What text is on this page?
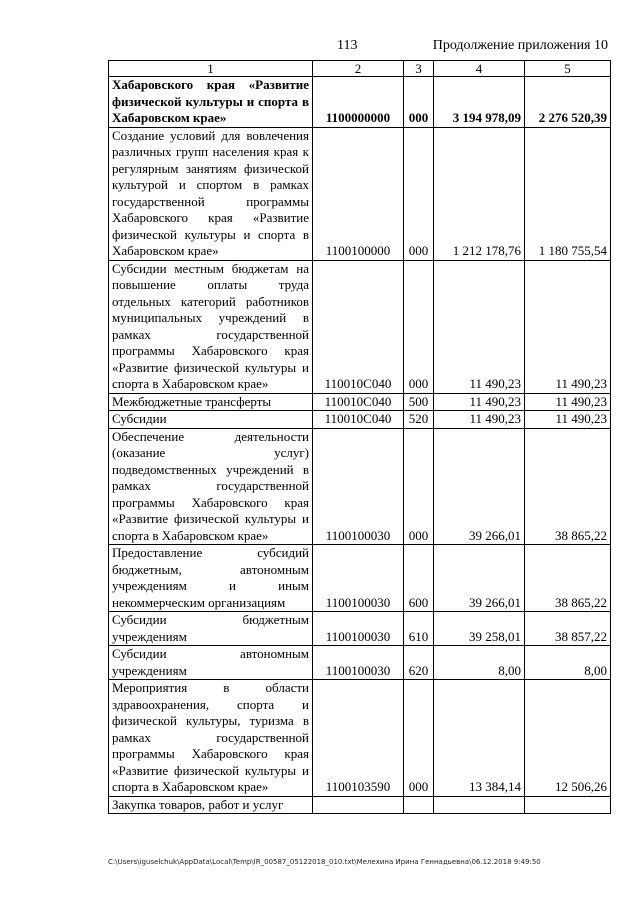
113	Продолжение приложения 10
1	2	3	4	5
Хабаровского края «Развитие физической культуры и спорта в Хабаровском крае»	1100000000	000	3 194 978,09	2 276 520,39
Создание условий для вовлечения различных групп населения края к регулярным занятиям физической культурой и спортом в рамках государственной программы Хабаровского края «Развитие физической культуры и спорта в Хабаровском крае»	1100100000	000	1 212 178,76	1 180 755,54
Субсидии местным бюджетам на повышение оплаты труда отдельных категорий работников муниципальных учреждений в рамках государственной программы Хабаровского края «Развитие физической культуры и спорта в Хабаровском крае»	110010С040	000	11 490,23	11 490,23
Межбюджетные трансферты	110010С040	500	11 490,23	11 490,23
Субсидии	110010С040	520	11 490,23	11 490,23
Обеспечение деятельности (оказание услуг) подведомственных учреждений в рамках государственной программы Хабаровского края «Развитие физической культуры и спорта в Хабаровском крае»	1100100030	000	39 266,01	38 865,22
Предоставление субсидий бюджетным, автономным учреждениям и иным некоммерческим организациям	1100100030	600	39 266,01	38 865,22
Субсидии бюджетным учреждениям	1100100030	610	39 258,01	38 857,22
Субсидии автономным учреждениям	1100100030	620	8,00	8,00
Мероприятия в области здравоохранения, спорта и физической культуры, туризма в рамках государственной программы Хабаровского края «Развитие физической культуры и спорта в Хабаровском крае»	1100103590	000	13 384,14	12 506,26
Закупка товаров, работ и услуг				
C:\Users\iguselchuk\AppData\Local\Temp\IR_00587_05122018_010.txt\Мелехина Ирина Геннадьевна\06.12.2018 9:49:50
